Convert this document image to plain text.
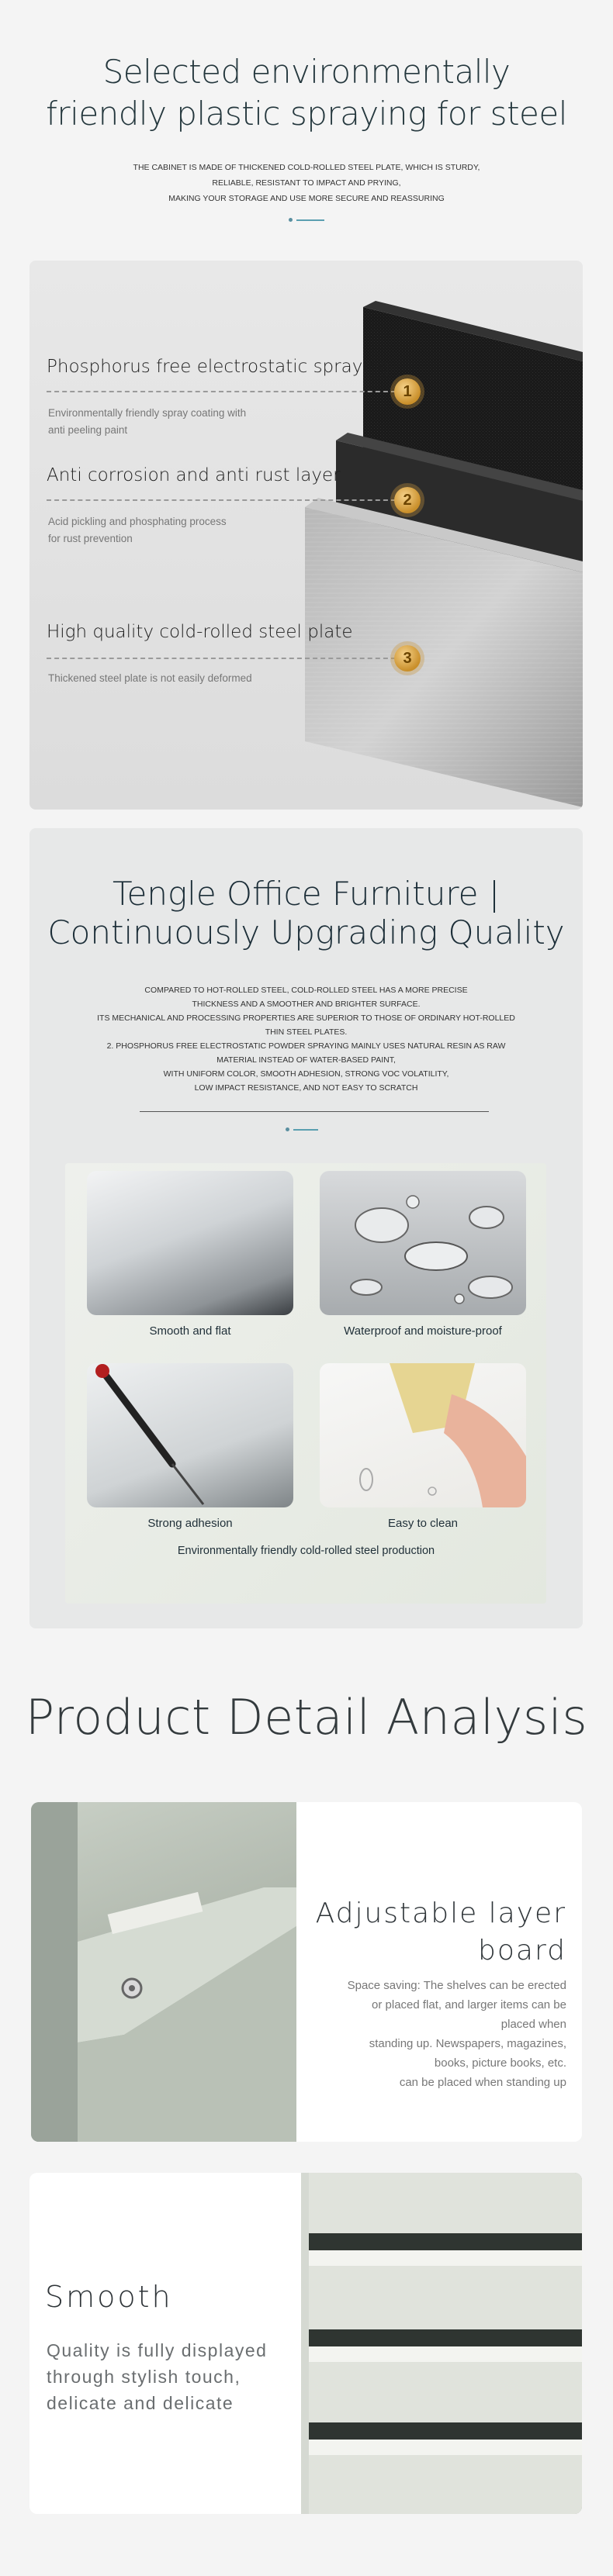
Selected environmentally
friendly plastic spraying for steel
THE CABINET IS MADE OF THICKENED COLD-ROLLED STEEL PLATE, WHICH IS STURDY,
RELIABLE, RESISTANT TO IMPACT AND PRYING,
MAKING YOUR STORAGE AND USE MORE SECURE AND REASSURING
Phosphorus free electrostatic spraying
1
Environmentally friendly spray coating with
anti peeling paint
Anti corrosion and anti rust layer
2
Acid pickling and phosphating process
for rust prevention
High quality cold-rolled steel plate
3
Thickened steel plate is not easily deformed
Tengle Office Furniture |
Continuously Upgrading Quality
COMPARED TO HOT-ROLLED STEEL, COLD-ROLLED STEEL HAS A MORE PRECISE
THICKNESS AND A SMOOTHER AND BRIGHTER SURFACE.
ITS MECHANICAL AND PROCESSING PROPERTIES ARE SUPERIOR TO THOSE OF ORDINARY HOT-ROLLED
THIN STEEL PLATES.
2. PHOSPHORUS FREE ELECTROSTATIC POWDER SPRAYING MAINLY USES NATURAL RESIN AS RAW
MATERIAL INSTEAD OF WATER-BASED PAINT,
WITH UNIFORM COLOR, SMOOTH ADHESION, STRONG VOC VOLATILITY,
LOW IMPACT RESISTANCE, AND NOT EASY TO SCRATCH
Smooth and flat	Waterproof and moisture-proof
Strong adhesion	Easy to clean
Environmentally friendly cold-rolled steel production
Product Detail Analysis
Adjustable layer
board
Space saving: The shelves can be erected
or placed flat, and larger items can be
placed when
standing up. Newspapers, magazines,
books, picture books, etc.
can be placed when standing up
Smooth
Quality is fully displayed
through stylish touch,
delicate and delicate
